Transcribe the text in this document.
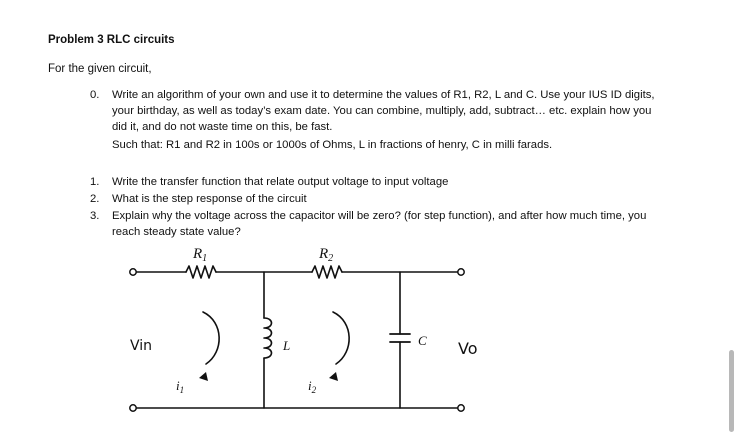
Problem 3 RLC circuits
For the given circuit,
0.	Write an algorithm of your own and use it to determine the values of R1, R2, L and C. Use your IUS ID digits,
your birthday, as well as today’s exam date. You can combine, multiply, add, subtract… etc. explain how you
did it, and do not waste time on this, be fast.
Such that: R1 and R2 in 100s or 1000s of Ohms, L in fractions of henry, C in milli farads.
1.	Write the transfer function that relate output voltage to input voltage
2.	What is the step response of the circuit
3.	Explain why the voltage across the capacitor will be zero? (for step function), and after how much time, you
reach steady state value?
$R_1$	$R_2$
L	C
Vin	Vo
$i_1$	$i_2$
